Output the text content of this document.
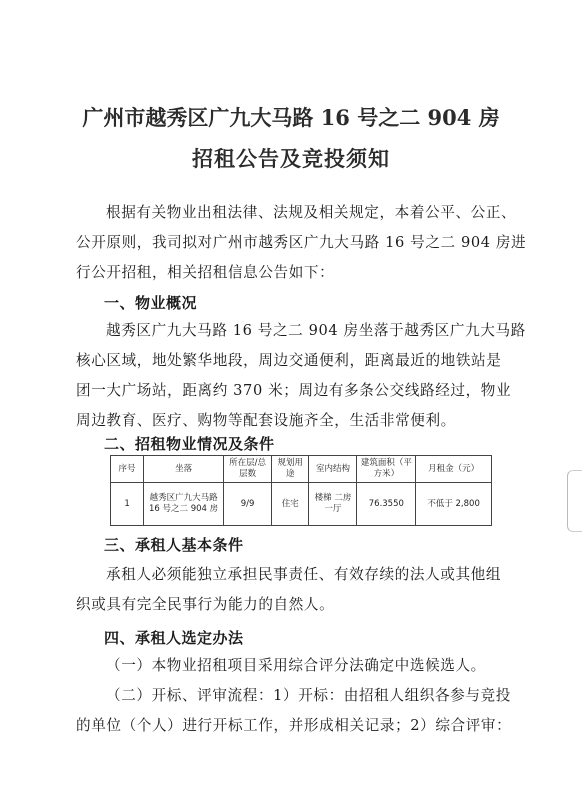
广州市越秀区广九大马路 16 号之二 904 房
招租公告及竞投须知
根据有关物业出租法律、法规及相关规定，本着公平、公正、
公开原则，我司拟对广州市越秀区广九大马路 16 号之二 904 房进
行公开招租，相关招租信息公告如下：
一、物业概况
越秀区广九大马路 16 号之二 904 房坐落于越秀区广九大马路
核心区域，地处繁华地段，周边交通便利，距离最近的地铁站是
团一大广场站，距离约 370 米；周边有多条公交线路经过，物业
周边教育、医疗、购物等配套设施齐全，生活非常便利。
二、招租物业情况及条件
序号	坐落	所在层/总层数	规划用途	室内结构	建筑面积（平方米）	月租金（元）
1	越秀区广九大马路 16 号之二 904 房	9/9	住宅	楼梯 二房一厅	76.3550	不低于 2,800
三、承租人基本条件
承租人必须能独立承担民事责任、有效存续的法人或其他组
织或具有完全民事行为能力的自然人。
四、承租人选定办法
（一）本物业招租项目采用综合评分法确定中选候选人。
（二）开标、评审流程：1）开标：由招租人组织各参与竞投
的单位（个人）进行开标工作，并形成相关记录；2）综合评审：
